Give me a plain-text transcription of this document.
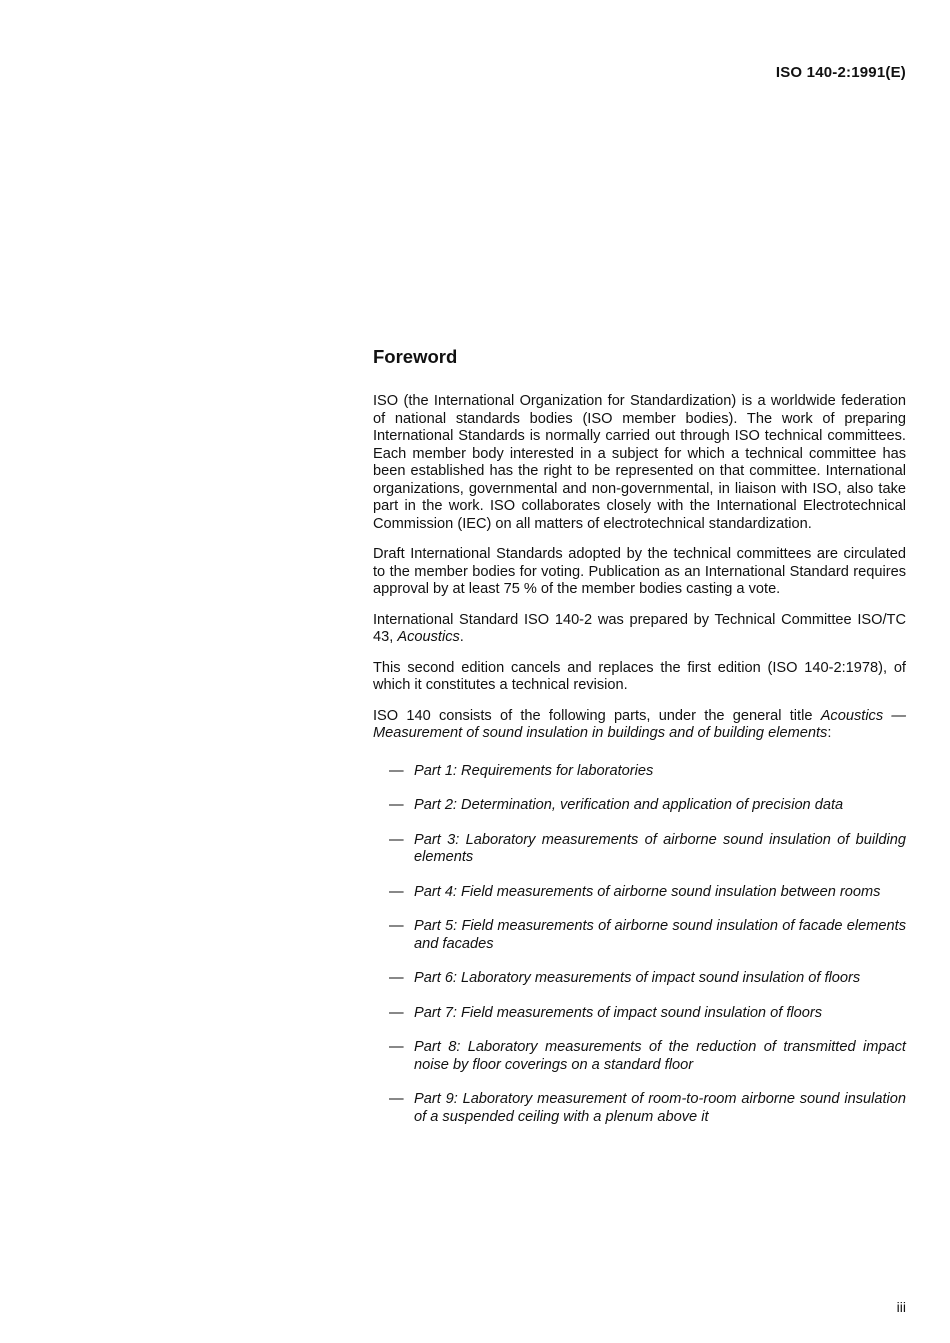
ISO 140-2:1991(E)
Foreword

ISO (the International Organization for Standardization) is a worldwide federation of national standards bodies (ISO member bodies). The work of preparing International Standards is normally carried out through ISO technical committees. Each member body interested in a subject for which a technical committee has been established has the right to be represented on that committee. International organizations, governmental and non-governmental, in liaison with ISO, also take part in the work. ISO collaborates closely with the International Electrotechnical Commission (IEC) on all matters of electrotechnical standardization.

Draft International Standards adopted by the technical committees are circulated to the member bodies for voting. Publication as an International Standard requires approval by at least 75 % of the member bodies casting a vote.

International Standard ISO 140-2 was prepared by Technical Committee ISO/TC 43, Acoustics.

This second edition cancels and replaces the first edition (ISO 140-2:1978), of which it constitutes a technical revision.

ISO 140 consists of the following parts, under the general title Acoustics — Measurement of sound insulation in buildings and of building elements:

— Part 1: Requirements for laboratories
— Part 2: Determination, verification and application of precision data
— Part 3: Laboratory measurements of airborne sound insulation of building elements
— Part 4: Field measurements of airborne sound insulation between rooms
— Part 5: Field measurements of airborne sound insulation of facade elements and facades
— Part 6: Laboratory measurements of impact sound insulation of floors
— Part 7: Field measurements of impact sound insulation of floors
— Part 8: Laboratory measurements of the reduction of transmitted impact noise by floor coverings on a standard floor
— Part 9: Laboratory measurement of room-to-room airborne sound insulation of a suspended ceiling with a plenum above it
iii
